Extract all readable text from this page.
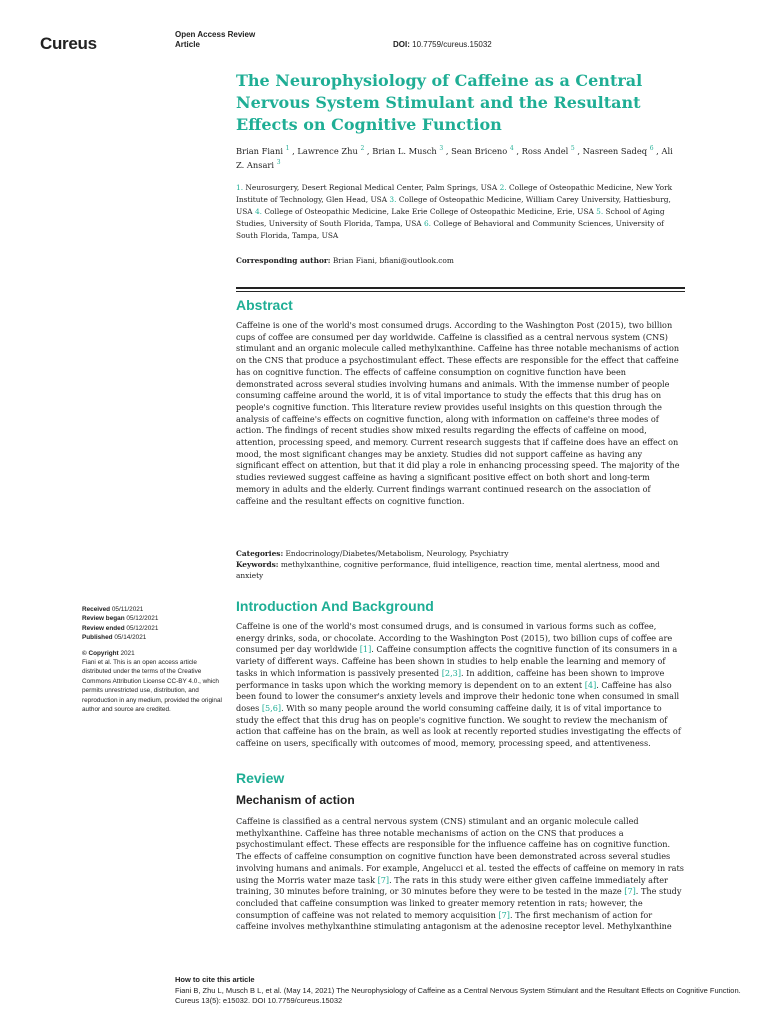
Cureus	Open Access Review
Article	DOI: 10.7759/cureus.15032
The Neurophysiology of Caffeine as a Central Nervous System Stimulant and the Resultant Effects on Cognitive Function
Brian Fiani $^1$ , Lawrence Zhu $^2$ , Brian L. Musch $^3$ , Sean Briceno $^4$ , Ross Andel $^5$ , Nasreen Sadeq $^6$ , Ali Z. Ansari $^3$
1. Neurosurgery, Desert Regional Medical Center, Palm Springs, USA 2. College of Osteopathic Medicine, New York Institute of Technology, Glen Head, USA 3. College of Osteopathic Medicine, William Carey University, Hattiesburg, USA 4. College of Osteopathic Medicine, Lake Erie College of Osteopathic Medicine, Erie, USA 5. School of Aging Studies, University of South Florida, Tampa, USA 6. College of Behavioral and Community Sciences, University of South Florida, Tampa, USA
Corresponding author: Brian Fiani, bfiani@outlook.com
Abstract

Caffeine is one of the world's most consumed drugs. According to the Washington Post (2015), two billion cups of coffee are consumed per day worldwide. Caffeine is classified as a central nervous system (CNS) stimulant and an organic molecule called methylxanthine. Caffeine has three notable mechanisms of action on the CNS that produce a psychostimulant effect. These effects are responsible for the effect that caffeine has on cognitive function. The effects of caffeine consumption on cognitive function have been demonstrated across several studies involving humans and animals. With the immense number of people consuming caffeine around the world, it is of vital importance to study the effects that this drug has on people's cognitive function. This literature review provides useful insights on this question through the analysis of caffeine's effects on cognitive function, along with information on caffeine's three modes of action. The findings of recent studies show mixed results regarding the effects of caffeine on mood, attention, processing speed, and memory. Current research suggests that if caffeine does have an effect on mood, the most significant changes may be anxiety. Studies did not support caffeine as having any significant effect on attention, but that it did play a role in enhancing processing speed. The majority of the studies reviewed suggest caffeine as having a significant positive effect on both short and long-term memory in adults and the elderly. Current findings warrant continued research on the association of caffeine and the resultant effects on cognitive function.

Categories: Endocrinology/Diabetes/Metabolism, Neurology, Psychiatry
Keywords: methylxanthine, cognitive performance, fluid intelligence, reaction time, mental alertness, mood and anxiety
Received 05/11/2021
Review began 05/12/2021
Review ended 05/12/2021
Published 05/14/2021
© Copyright 2021
Fiani et al. This is an open access article distributed under the terms of the Creative Commons Attribution License CC-BY 4.0., which permits unrestricted use, distribution, and reproduction in any medium, provided the original author and source are credited.
Introduction And Background

Caffeine is one of the world's most consumed drugs, and is consumed in various forms such as coffee, energy drinks, soda, or chocolate. According to the Washington Post (2015), two billion cups of coffee are consumed per day worldwide [1]. Caffeine consumption affects the cognitive function of its consumers in a variety of different ways. Caffeine has been shown in studies to help enable the learning and memory of tasks in which information is passively presented [2,3]. In addition, caffeine has been shown to improve performance in tasks upon which the working memory is dependent on to an extent [4]. Caffeine has also been found to lower the consumer's anxiety levels and improve their hedonic tone when consumed in small doses [5,6]. With so many people around the world consuming caffeine daily, it is of vital importance to study the effect that this drug has on people's cognitive function. We sought to review the mechanism of action that caffeine has on the brain, as well as look at recently reported studies investigating the effects of caffeine on users, specifically with outcomes of mood, memory, processing speed, and attentiveness.

Review
Mechanism of action

Caffeine is classified as a central nervous system (CNS) stimulant and an organic molecule called methylxanthine. Caffeine has three notable mechanisms of action on the CNS that produces a psychostimulant effect. These effects are responsible for the influence caffeine has on cognitive function. The effects of caffeine consumption on cognitive function have been demonstrated across several studies involving humans and animals. For example, Angelucci et al. tested the effects of caffeine on memory in rats using the Morris water maze task [7]. The rats in this study were either given caffeine immediately after training, 30 minutes before training, or 30 minutes before they were to be tested in the maze [7]. The study concluded that caffeine consumption was linked to greater memory retention in rats; however, the consumption of caffeine was not related to memory acquisition [7]. The first mechanism of action for caffeine involves methylxanthine stimulating antagonism at the adenosine receptor level. Methylxanthine

How to cite this article
Fiani B, Zhu L, Musch B L, et al. (May 14, 2021) The Neurophysiology of Caffeine as a Central Nervous System Stimulant and the Resultant Effects on Cognitive Function. Cureus 13(5): e15032. DOI 10.7759/cureus.15032
